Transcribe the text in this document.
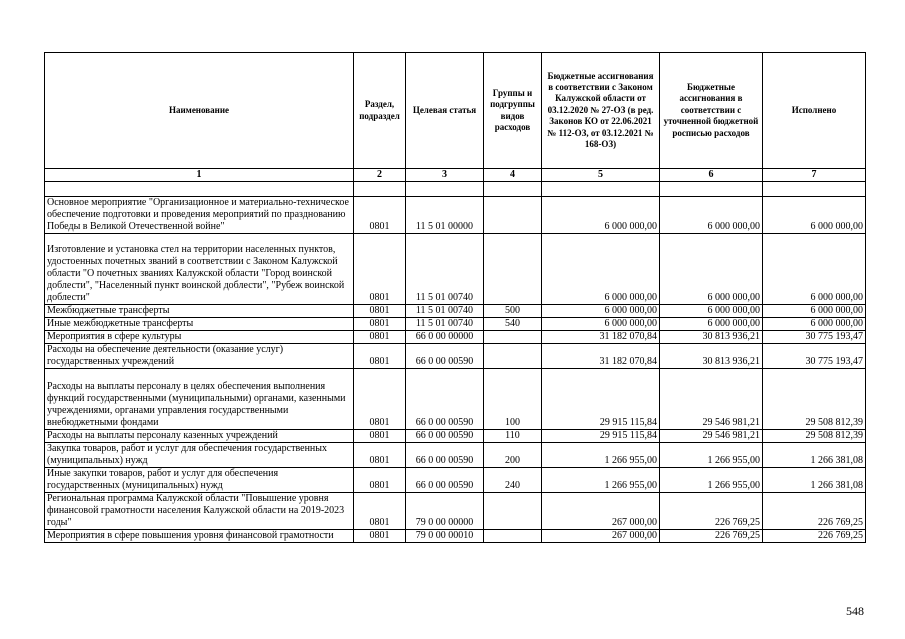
Наименование	Раздел, подраздел	Целевая статья	Группы и подгруппы видов расходов	Бюджетные ассигнования в соответствии с Законом Калужской области от 03.12.2020 № 27-ОЗ (в ред. Законов КО от 22.06.2021 № 112-ОЗ, от 03.12.2021 № 168-ОЗ)	Бюджетные ассигнования в соответствии с уточненной бюджетной росписью расходов	Исполнено
1	2	3	4	5	6	7

Основное мероприятие "Организационное и материально-техническое обеспечение подготовки и проведения мероприятий по празднованию Победы в Великой Отечественной войне"	0801	11 5 01 00000		6 000 000,00	6 000 000,00	6 000 000,00
Изготовление и установка стел на территории населенных пунктов, удостоенных почетных званий в соответствии с Законом Калужской области "О почетных званиях Калужской области "Город воинской доблести", "Населенный пункт воинской доблести", "Рубеж воинской доблести"	0801	11 5 01 00740		6 000 000,00	6 000 000,00	6 000 000,00
Межбюджетные трансферты	0801	11 5 01 00740	500	6 000 000,00	6 000 000,00	6 000 000,00
Иные межбюджетные трансферты	0801	11 5 01 00740	540	6 000 000,00	6 000 000,00	6 000 000,00
Мероприятия в сфере культуры	0801	66 0 00 00000		31 182 070,84	30 813 936,21	30 775 193,47
Расходы на обеспечение деятельности (оказание услуг) государственных учреждений	0801	66 0 00 00590		31 182 070,84	30 813 936,21	30 775 193,47
Расходы на выплаты персоналу в целях обеспечения выполнения функций государственными (муниципальными) органами, казенными учреждениями, органами управления государственными внебюджетными фондами	0801	66 0 00 00590	100	29 915 115,84	29 546 981,21	29 508 812,39
Расходы на выплаты персоналу казенных учреждений	0801	66 0 00 00590	110	29 915 115,84	29 546 981,21	29 508 812,39
Закупка товаров, работ и услуг для обеспечения государственных (муниципальных) нужд	0801	66 0 00 00590	200	1 266 955,00	1 266 955,00	1 266 381,08
Иные закупки товаров, работ и услуг для обеспечения государственных (муниципальных) нужд	0801	66 0 00 00590	240	1 266 955,00	1 266 955,00	1 266 381,08
Региональная программа Калужской области "Повышение уровня финансовой грамотности населения Калужской области на 2019-2023 годы"	0801	79 0 00 00000		267 000,00	226 769,25	226 769,25
Мероприятия в сфере повышения уровня финансовой грамотности	0801	79 0 00 00010		267 000,00	226 769,25	226 769,25
548
